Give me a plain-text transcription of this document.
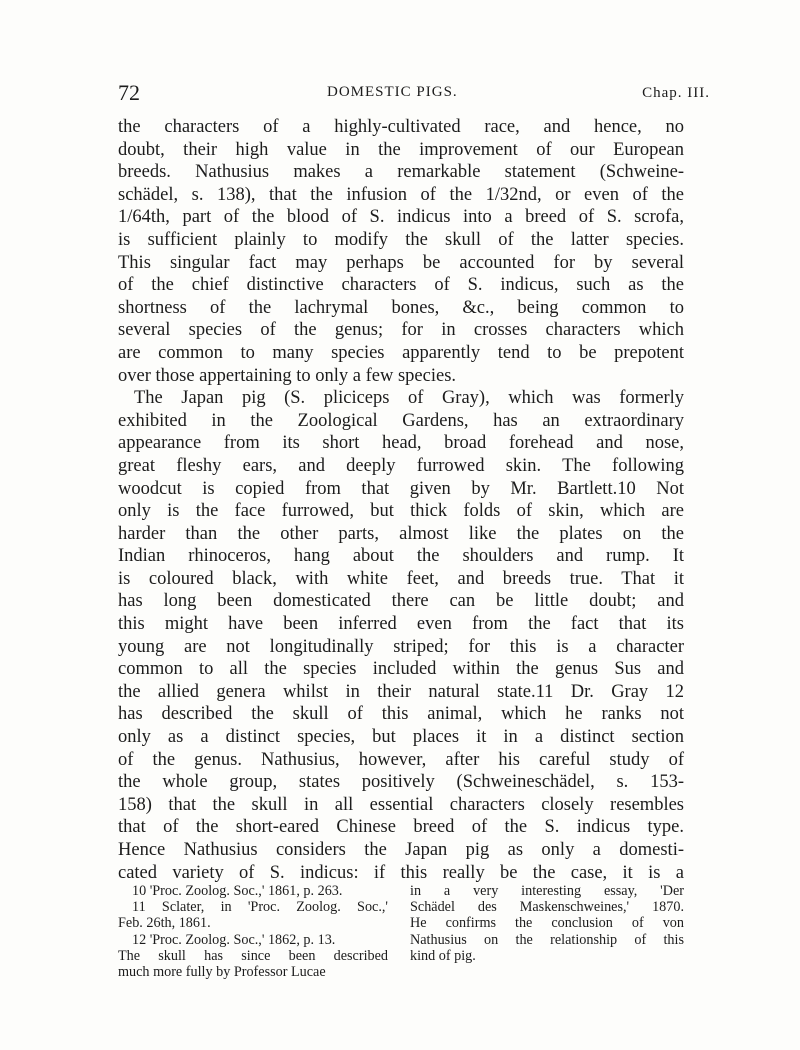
72	DOMESTIC PIGS.	Chap. III.
the characters of a highly-cultivated race, and hence, no
doubt, their high value in the improvement of our European
breeds. Nathusius makes a remarkable statement (Schweine-
schädel, s. 138), that the infusion of the 1/32nd, or even of the
1/64th, part of the blood of S. indicus into a breed of S. scrofa,
is sufficient plainly to modify the skull of the latter species.
This singular fact may perhaps be accounted for by several
of the chief distinctive characters of S. indicus, such as the
shortness of the lachrymal bones, &c., being common to
several species of the genus; for in crosses characters which
are common to many species apparently tend to be prepotent
over those appertaining to only a few species.
The Japan pig (S. pliciceps of Gray), which was formerly
exhibited in the Zoological Gardens, has an extraordinary
appearance from its short head, broad forehead and nose,
great fleshy ears, and deeply furrowed skin. The following
woodcut is copied from that given by Mr. Bartlett.10 Not
only is the face furrowed, but thick folds of skin, which are
harder than the other parts, almost like the plates on the
Indian rhinoceros, hang about the shoulders and rump. It
is coloured black, with white feet, and breeds true. That it
has long been domesticated there can be little doubt; and
this might have been inferred even from the fact that its
young are not longitudinally striped; for this is a character
common to all the species included within the genus Sus and
the allied genera whilst in their natural state.11 Dr. Gray 12
has described the skull of this animal, which he ranks not
only as a distinct species, but places it in a distinct section
of the genus. Nathusius, however, after his careful study of
the whole group, states positively (Schweineschädel, s. 153-
158) that the skull in all essential characters closely resembles
that of the short-eared Chinese breed of the S. indicus type.
Hence Nathusius considers the Japan pig as only a domesti-
cated variety of S. indicus: if this really be the case, it is a
10 'Proc. Zoolog. Soc.,' 1861, p. 263.
11 Sclater, in 'Proc. Zoolog. Soc.,'
Feb. 26th, 1861.
12 'Proc. Zoolog. Soc.,' 1862, p. 13.
The skull has since been described
much more fully by Professor Lucae
in a very interesting essay, 'Der
Schädel des Maskenschweines,' 1870.
He confirms the conclusion of von
Nathusius on the relationship of this
kind of pig.
